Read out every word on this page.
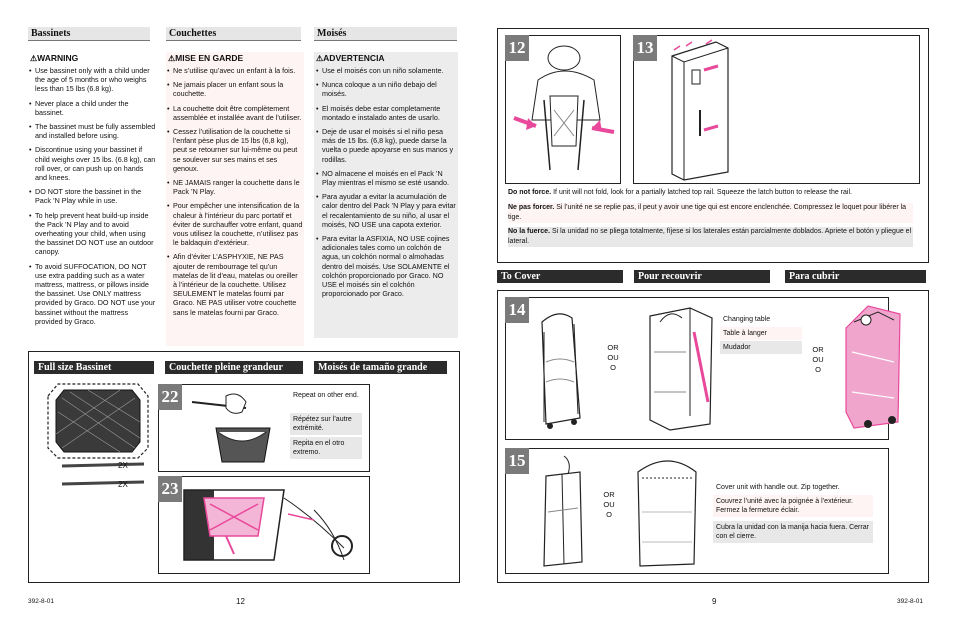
Bassinets	Couchettes	Moisés
⚠WARNING
• Use bassinet only with a child under the age of 5 months or who weighs less than 15 lbs (6.8 kg).
• Never place a child under the bassinet.
• The bassinet must be fully assembled and installed before using.
• Discontinue using your bassinet if child weighs over 15 lbs. (6.8 kg), can roll over, or can push up on hands and knees.
• DO NOT store the bassinet in the Pack ’N Play while in use.
• To help prevent heat build-up inside the Pack ’N Play and to avoid overheating your child, when using the bassinet DO NOT use an outdoor canopy.
• To avoid SUFFOCATION, DO NOT use extra padding such as a water mattress, mattress, or pillows inside the bassinet. Use ONLY mattress provided by Graco. DO NOT use your bassinet without the mattress provided by Graco.
⚠MISE EN GARDE
• Ne s’utilise qu’avec un enfant à la fois.
• Ne jamais placer un enfant sous la couchette.
• La couchette doit être complètement assemblée et installée avant de l’utiliser.
• Cessez l’utilisation de la couchette si l’enfant pèse plus de 15 lbs (6,8 kg), peut se retourner sur lui-même ou peut se soulever sur ses mains et ses genoux.
• NE JAMAIS ranger la couchette dans le Pack ’N Play.
• Pour empêcher une intensification de la chaleur à l’intérieur du parc portatif et éviter de surchauffer votre enfant, quand vous utilisez la couchette, n’utilisez pas le baldaquin d’extérieur.
• Afin d’éviter L’ASPHYXIE, NE PAS ajouter de rembourrage tel qu’un matelas de lit d’eau, matelas ou oreiller à l’intérieur de la couchette. Utilisez SEULEMENT le matelas fourni par Graco. NE PAS utiliser votre couchette sans le matelas fourni par Graco.
⚠ADVERTENCIA
• Use el moisés con un niño solamente.
• Nunca coloque a un niño debajo del moisés.
• El moisés debe estar completamente montado e instalado antes de usarlo.
• Deje de usar el moisés si el niño pesa más de 15 lbs. (6,8 kg), puede darse la vuelta o puede apoyarse en sus manos y rodillas.
• NO almacene el moisés en el Pack ’N Play mientras el mismo se esté usando.
• Para ayudar a evitar la acumulación de calor dentro del Pack ’N Play y para evitar el recalentamiento de su niño, al usar el moisés, NO USE una capota exterior.
• Para evitar la ASFIXIA, NO USE cojines adicionales tales como un colchón de agua, un colchón normal o almohadas dentro del moisés. Use SOLAMENTE el colchón proporcionado por Graco. NO USE el moisés sin el colchón proporcionado por Graco.
Full size Bassinet	Couchette pleine grandeur	Moisés de tamaño grande
2X
2X
22	Repeat on other end.
Répétez sur l’autre extrémité.
Repita en el otro extremo.
23
392-8-01	12
12	13
Do not force. If unit will not fold, look for a partially latched top rail. Squeeze the latch button to release the rail.
Ne pas forcer. Si l’unité ne se replie pas, il peut y avoir une tige qui est encore enclenchée. Compressez le loquet pour libérer la tige.
No la fuerce. Si la unidad no se pliega totalmente, fíjese si los laterales están parcialmente doblados. Apriete el botón y pliegue el lateral.
To Cover	Pour recouvrir	Para cubrir
14
OR
OU
O
Changing table
Table à langer
Mudador	OR
OU
O
15
OR
OU
O
Cover unit with handle out. Zip together.
Couvrez l’unité avec la poignée à l’extérieur. Fermez la fermeture éclair.
Cubra la unidad con la manija hacia fuera. Cerrar con el cierre.
9	392-8-01
